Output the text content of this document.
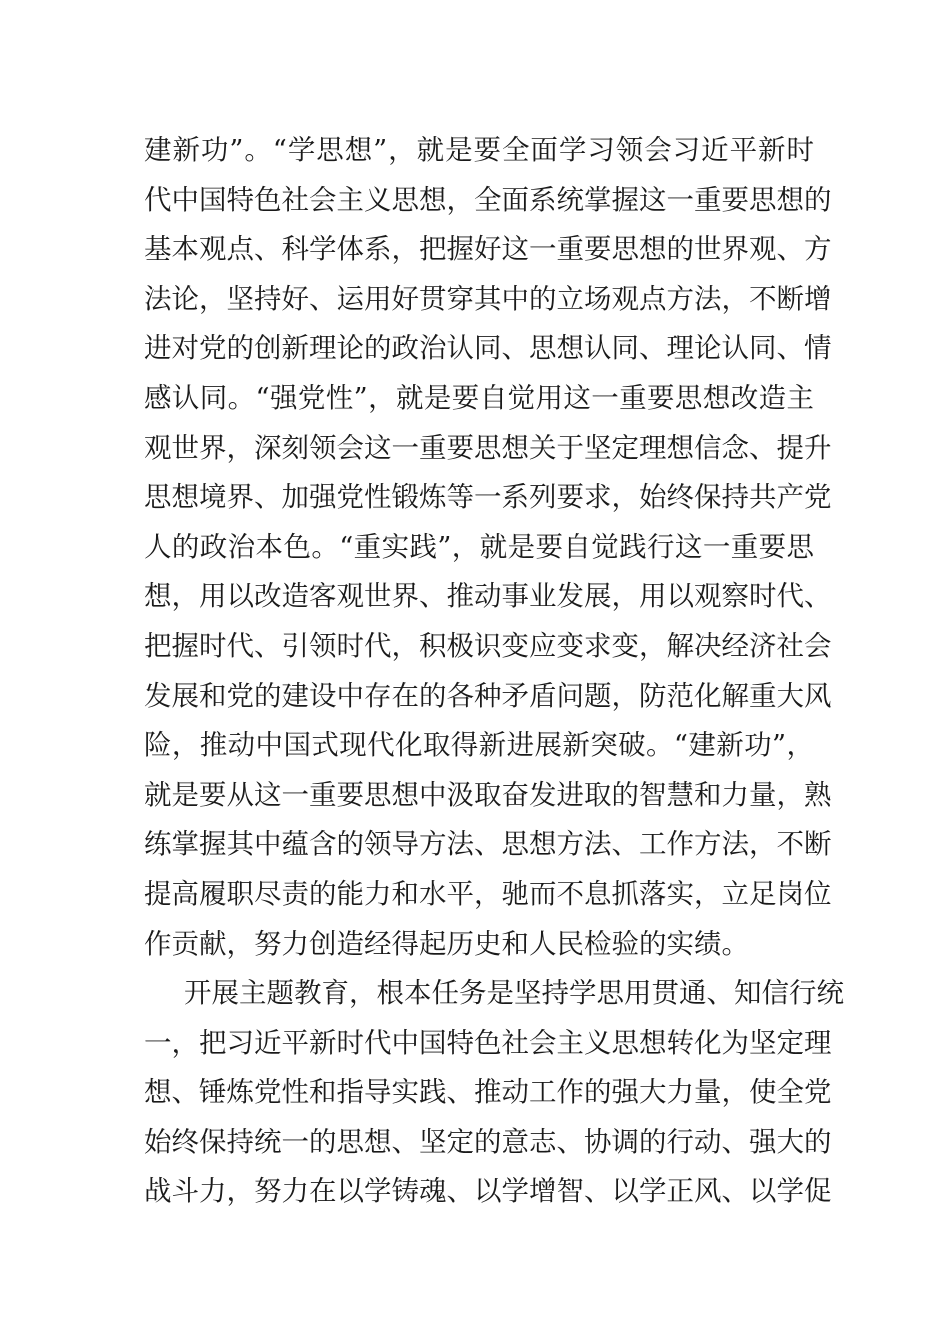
建新功”。“学思想”，就是要全面学习领会习近平新时
代中国特色社会主义思想，全面系统掌握这一重要思想的
基本观点、科学体系，把握好这一重要思想的世界观、方
法论，坚持好、运用好贯穿其中的立场观点方法，不断增
进对党的创新理论的政治认同、思想认同、理论认同、情
感认同。“强党性”，就是要自觉用这一重要思想改造主
观世界，深刻领会这一重要思想关于坚定理想信念、提升
思想境界、加强党性锻炼等一系列要求，始终保持共产党
人的政治本色。“重实践”，就是要自觉践行这一重要思
想，用以改造客观世界、推动事业发展，用以观察时代、
把握时代、引领时代，积极识变应变求变，解决经济社会
发展和党的建设中存在的各种矛盾问题，防范化解重大风
险，推动中国式现代化取得新进展新突破。“建新功”，
就是要从这一重要思想中汲取奋发进取的智慧和力量，熟
练掌握其中蕴含的领导方法、思想方法、工作方法，不断
提高履职尽责的能力和水平，驰而不息抓落实，立足岗位
作贡献，努力创造经得起历史和人民检验的实绩。
开展主题教育，根本任务是坚持学思用贯通、知信行统
一，把习近平新时代中国特色社会主义思想转化为坚定理
想、锤炼党性和指导实践、推动工作的强大力量，使全党
始终保持统一的思想、坚定的意志、协调的行动、强大的
战斗力，努力在以学铸魂、以学增智、以学正风、以学促
